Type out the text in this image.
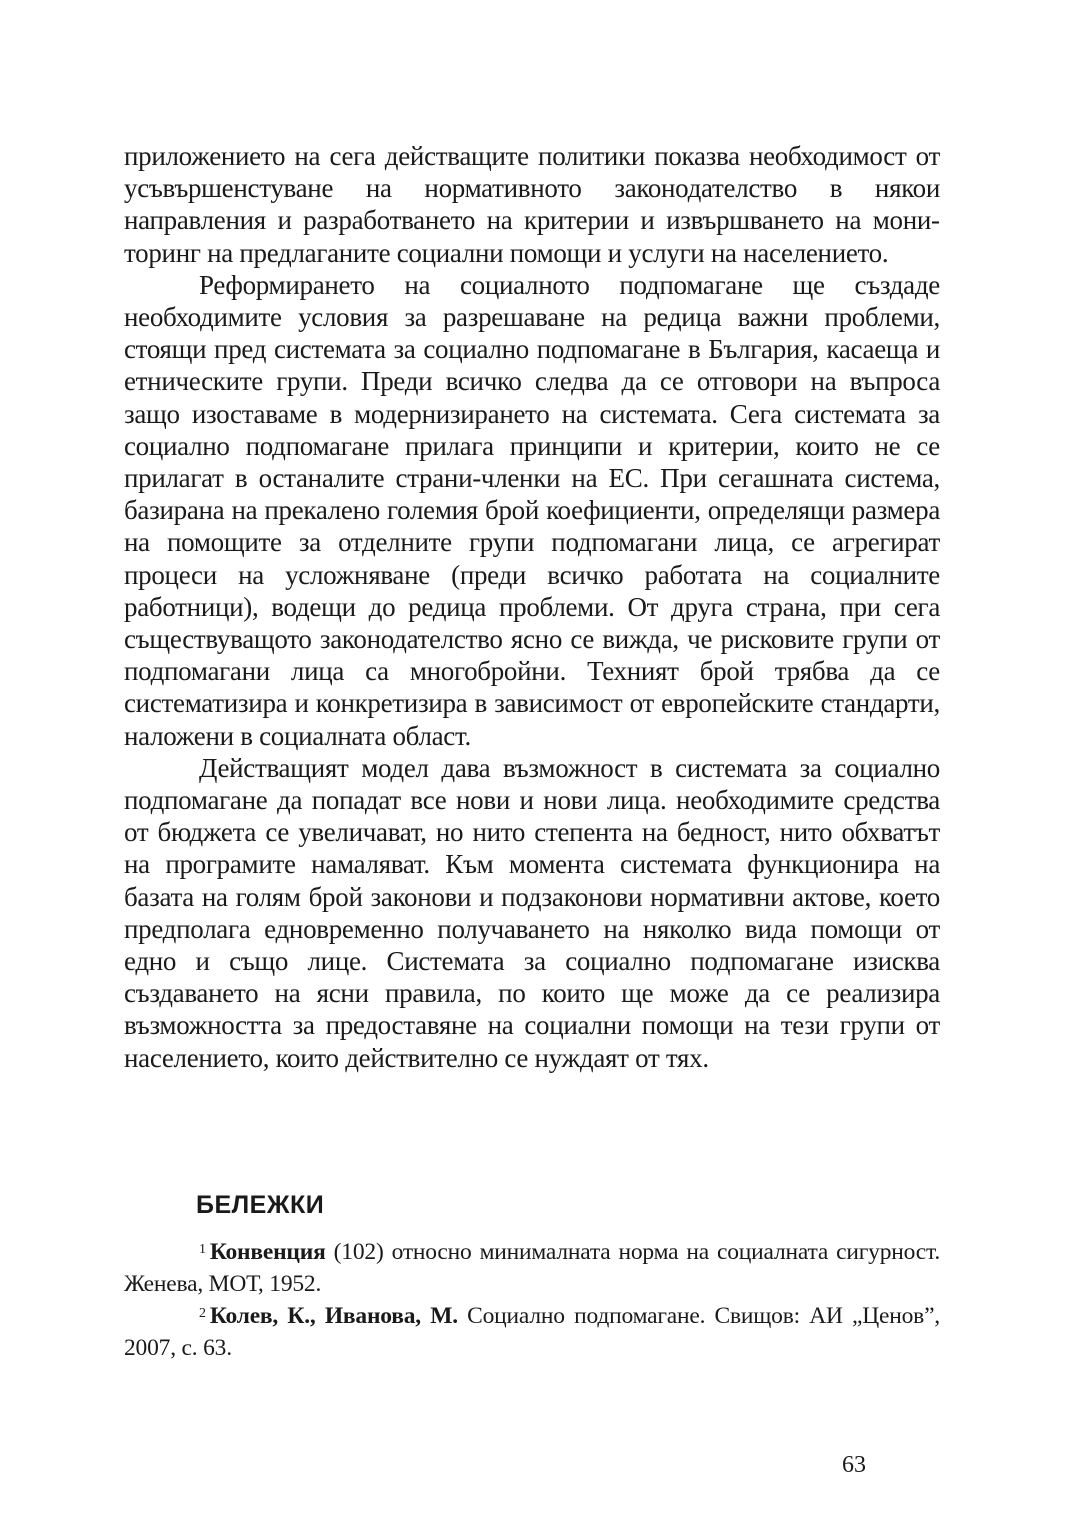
приложението на сега действащите политики показва необходимост от усъвършенстуване на нормативното законодателство в някои направления и разработването на критерии и извършването на мониторинг на предлаганите социални помощи и услуги на населението.

Реформирането на социалното подпомагане ще създаде необходимите условия за разрешаване на редица важни проблеми, стоящи пред системата за социално подпомагане в България, касаеща и етническите групи. Преди всичко следва да се отговори на въпроса защо изоставаме в модернизирането на системата. Сега системата за социално подпомагане прилага принципи и критерии, които не се прилагат в останалите страни-членки на ЕС. При сегашната система, базирана на прекалено големия брой коефициенти, определящи размера на помощите за отделните групи подпомагани лица, се агрегират процеси на усложняване (преди всичко работата на социалните работници), водещи до редица проблеми. От друга страна, при сега съществуващото законодателство ясно се вижда, че рисковите групи от подпомагани лица са многобройни. Техният брой трябва да се систематизира и конкретизира в зависимост от европейските стандарти, наложени в социалната област.

Действащият модел дава възможност в системата за социално подпомагане да попадат все нови и нови лица. необходимите средства от бюджета се увеличават, но нито степента на бедност, нито обхватът на програмите намаляват. Към момента системата функционира на базата на голям брой законови и подзаконови нормативни актове, което предполага едновременно получаването на няколко вида помощи от едно и също лице. Системата за социално подпомагане изисква създаването на ясни правила, по които ще може да се реализира възможността за предоставяне на социални помощи на тези групи от населението, които действително се нуждаят от тях.

БЕЛЕЖКИ

$^1$ Конвенция (102) относно минималната норма на социалната сигурност. Женева, МОТ, 1952.

$^2$ Колев, К., Иванова, М. Социално подпомагане. Свищов: АИ „Ценов”, 2007, с. 63.

63
